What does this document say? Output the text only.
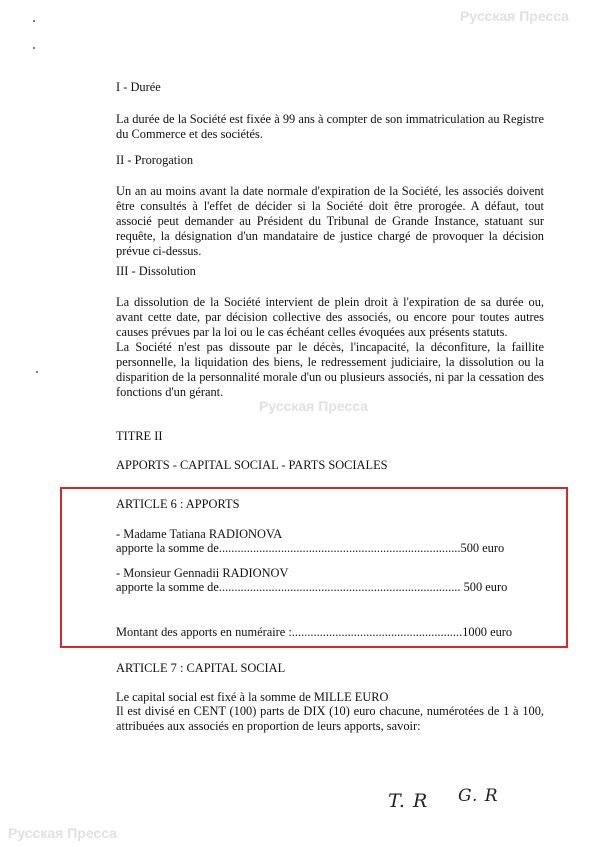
Русская Пресса
Русская Пресса
Русская Пресса
I - Durée
La durée de la Société est fixée à 99 ans à compter de son immatriculation au Registre du Commerce et des sociétés.
II - Prorogation
Un an au moins avant la date normale d'expiration de la Société, les associés doivent être consultés à l'effet de décider si la Société doit être prorogée. A défaut, tout associé peut demander au Président du Tribunal de Grande Instance, statuant sur requête, la désignation d'un mandataire de justice chargé de provoquer la décision prévue ci-dessus.
III - Dissolution
La dissolution de la Société intervient de plein droit à l'expiration de sa durée ou, avant cette date, par décision collective des associés, ou encore pour toutes autres causes prévues par la loi ou le cas échéant celles évoquées aux présents statuts.
La Société n'est pas dissoute par le décès, l'incapacité, la déconfiture, la faillite personnelle, la liquidation des biens, le redressement judiciaire, la dissolution ou la disparition de la personnalité morale d'un ou plusieurs associés, ni par la cessation des fonctions d'un gérant.
TITRE II
APPORTS - CAPITAL SOCIAL - PARTS SOCIALES
ARTICLE 6 : APPORTS
- Madame Tatiana RADIONOVA
apporte la somme de..............................................................................500 euro
- Monsieur Gennadii RADIONOV
apporte la somme de.............................................................................. 500 euro
Montant des apports en numéraire :.......................................................1000 euro
ARTICLE 7 : CAPITAL SOCIAL
Le capital social est fixé à la somme de MILLE EURO
Il est divisé en CENT (100) parts de DIX (10) euro chacune, numérotées de 1 à 100, attribuées aux associés en proportion de leurs apports, savoir:
T. R G. R
